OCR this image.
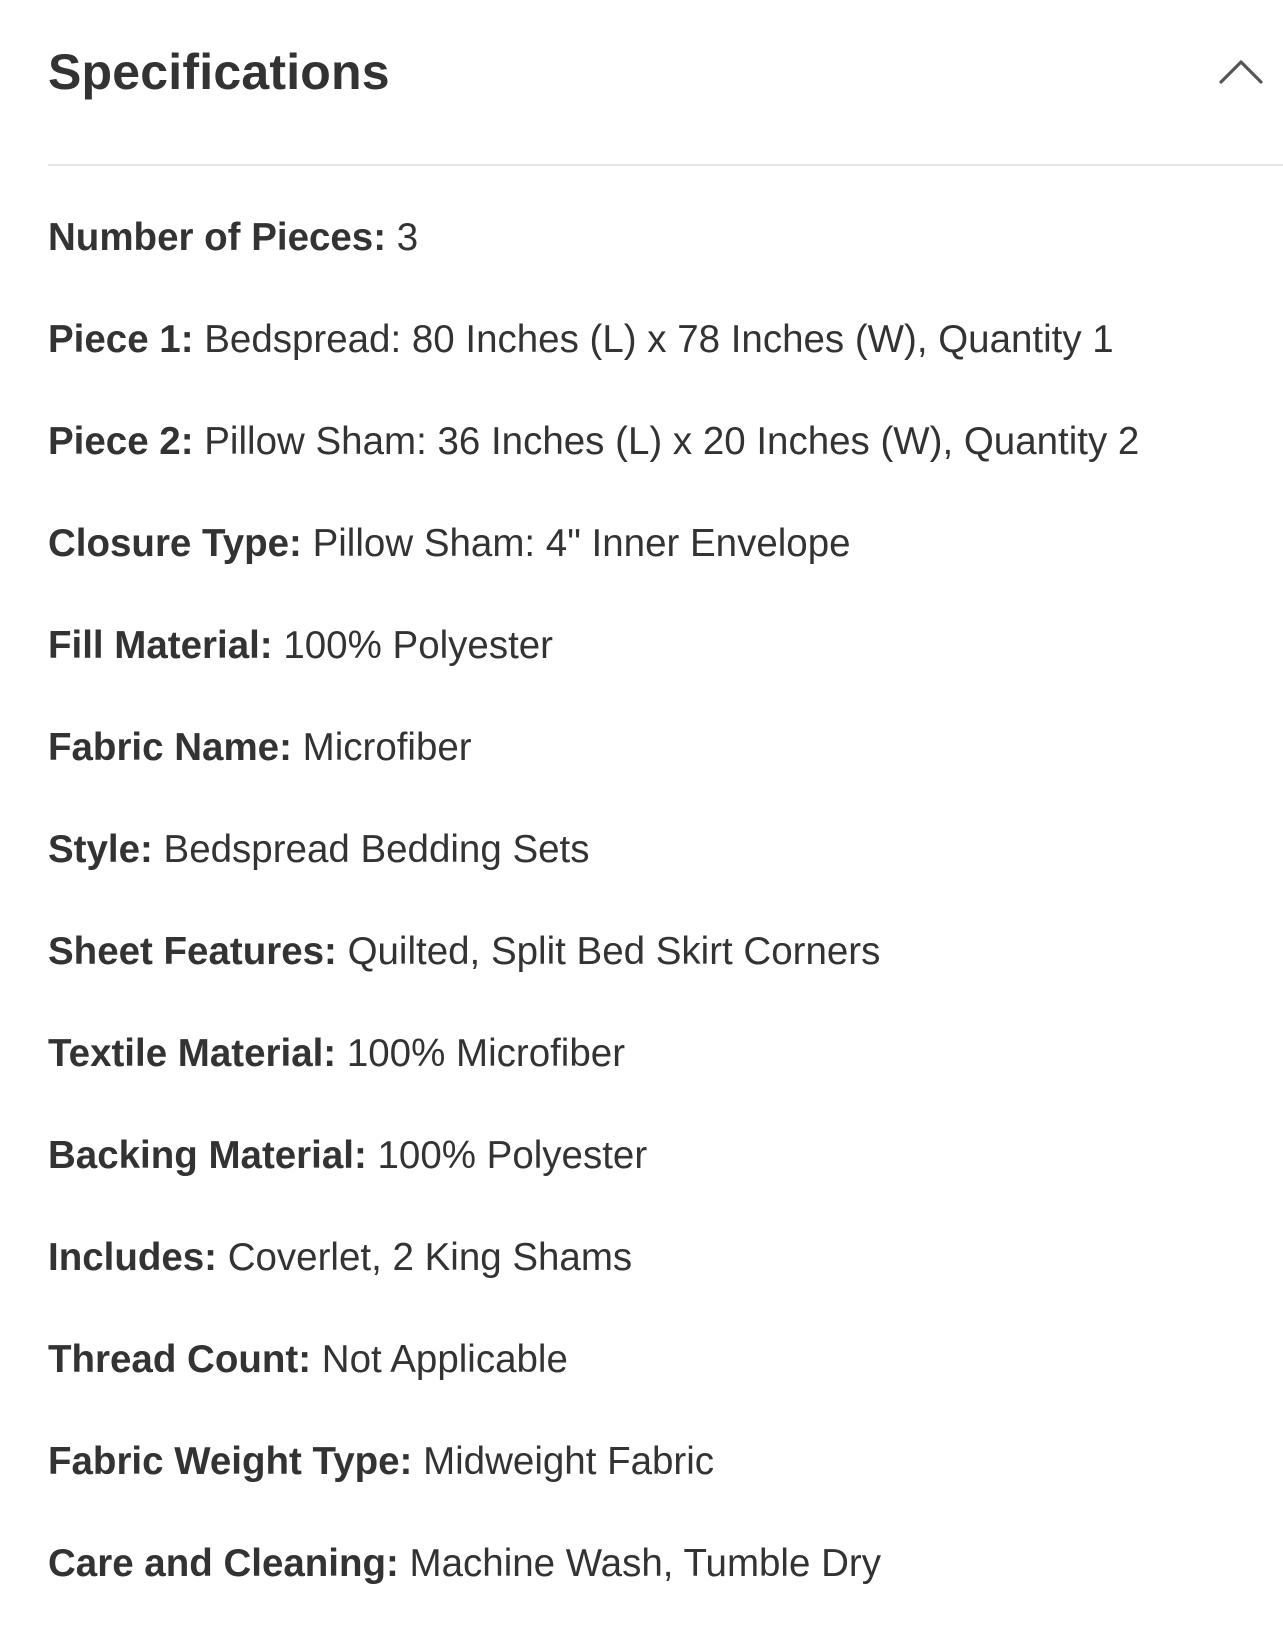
Specifications
Number of Pieces: 3
Piece 1: Bedspread: 80 Inches (L) x 78 Inches (W), Quantity 1
Piece 2: Pillow Sham: 36 Inches (L) x 20 Inches (W), Quantity 2
Closure Type: Pillow Sham: 4" Inner Envelope
Fill Material: 100% Polyester
Fabric Name: Microfiber
Style: Bedspread Bedding Sets
Sheet Features: Quilted, Split Bed Skirt Corners
Textile Material: 100% Microfiber
Backing Material: 100% Polyester
Includes: Coverlet, 2 King Shams
Thread Count: Not Applicable
Fabric Weight Type: Midweight Fabric
Care and Cleaning: Machine Wash, Tumble Dry
